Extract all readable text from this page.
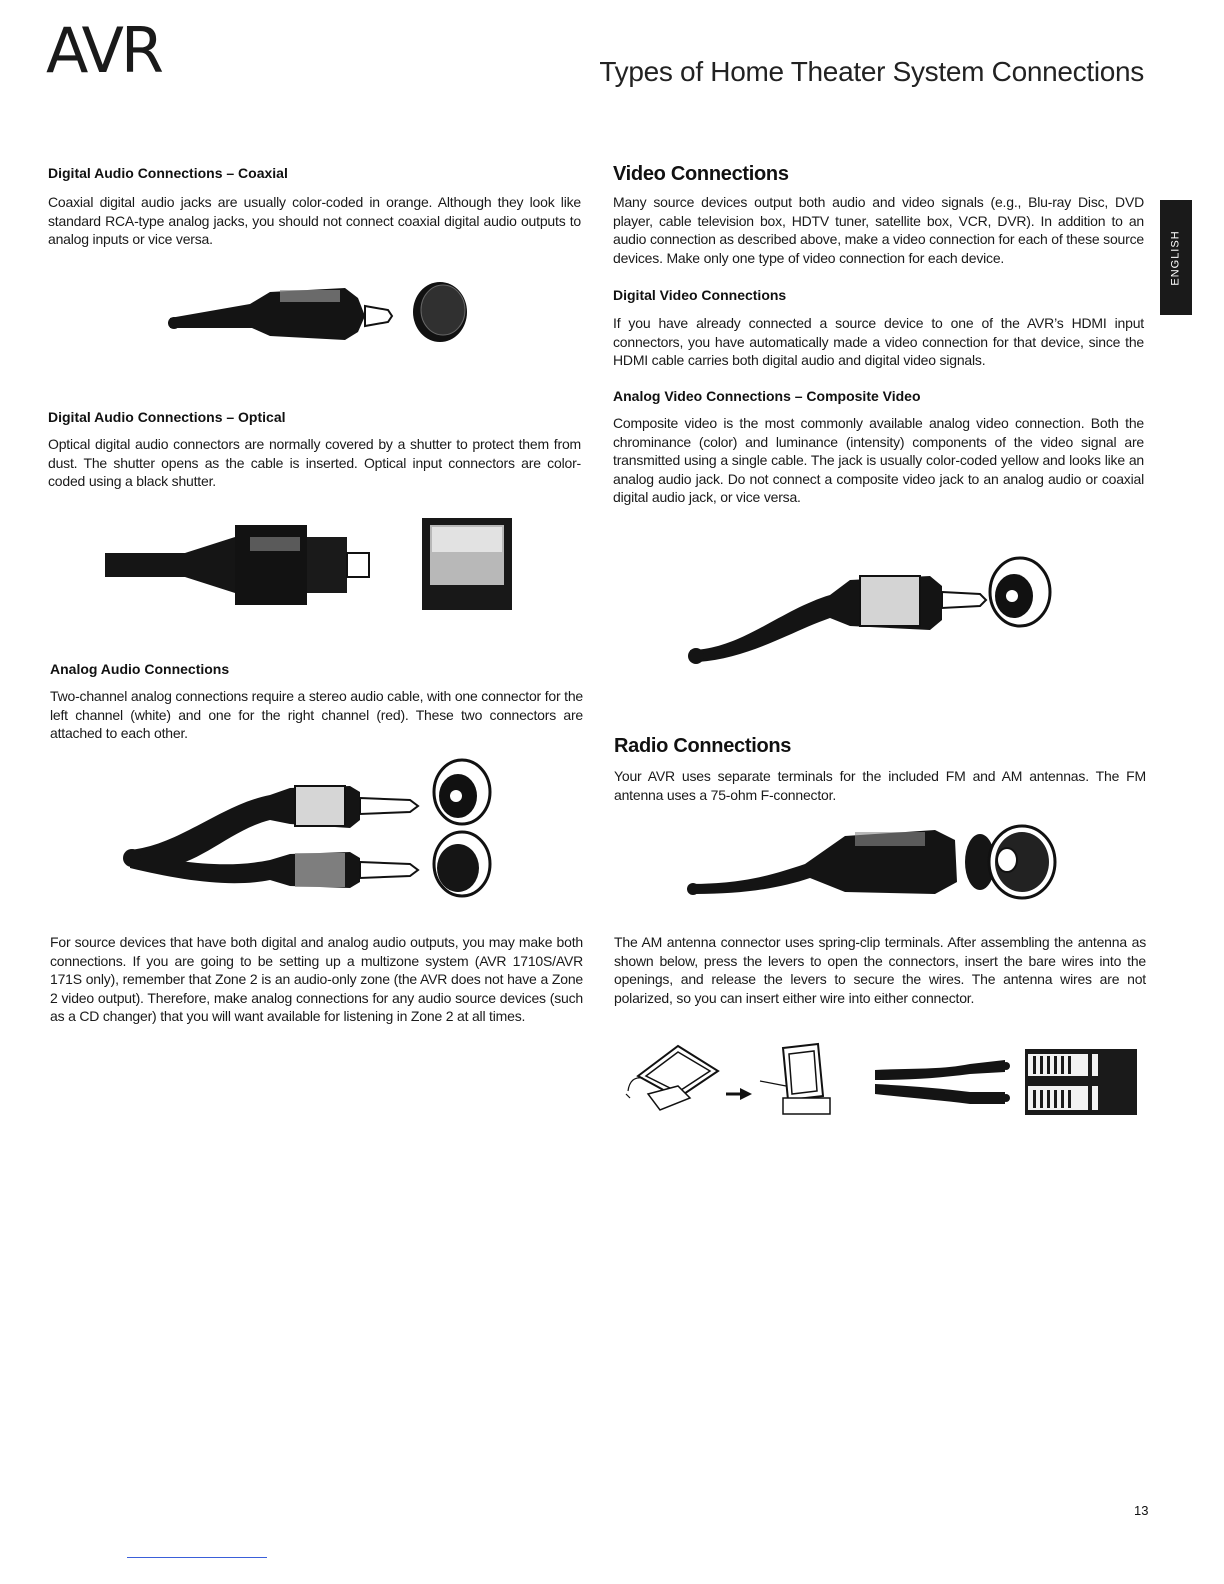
AVR	Types of Home Theater System Connections
ENGLISH
Digital Audio Connections – Coaxial

Coaxial digital audio jacks are usually color-coded in orange. Although they look like standard RCA-type analog jacks, you should not connect coaxial digital audio outputs to analog inputs or vice versa.

Digital Audio Connections – Optical

Optical digital audio connectors are normally covered by a shutter to protect them from dust. The shutter opens as the cable is inserted. Optical input connectors are color-coded using a black shutter.

Analog Audio Connections

Two-channel analog connections require a stereo audio cable, with one connector for the left channel (white) and one for the right channel (red). These two connectors are attached to each other.

For source devices that have both digital and analog audio outputs, you may make both connections. If you are going to be setting up a multizone system (AVR 1710S/AVR 171S only), remember that Zone 2 is an audio-only zone (the AVR does not have a Zone 2 video output). Therefore, make analog connections for any audio source devices (such as a CD changer) that you will want available for listening in Zone 2 at all times.

Video Connections

Many source devices output both audio and video signals (e.g., Blu-ray Disc, DVD player, cable television box, HDTV tuner, satellite box, VCR, DVR). In addition to an audio connection as described above, make a video connection for each of these source devices. Make only one type of video connection for each device.

Digital Video Connections

If you have already connected a source device to one of the AVR’s HDMI input connectors, you have automatically made a video connection for that device, since the HDMI cable carries both digital audio and digital video signals.

Analog Video Connections – Composite Video

Composite video is the most commonly available analog video connection. Both the chrominance (color) and luminance (intensity) components of the video signal are transmitted using a single cable. The jack is usually color-coded yellow and looks like an analog audio jack. Do not connect a composite video jack to an analog audio or coaxial digital audio jack, or vice versa.

Radio Connections

Your AVR uses separate terminals for the included FM and AM antennas. The FM antenna uses a 75-ohm F-connector.

The AM antenna connector uses spring-clip terminals. After assembling the antenna as shown below, press the levers to open the connectors, insert the bare wires into the openings, and release the levers to secure the wires. The antenna wires are not polarized, so you can insert either wire into either connector.

13
